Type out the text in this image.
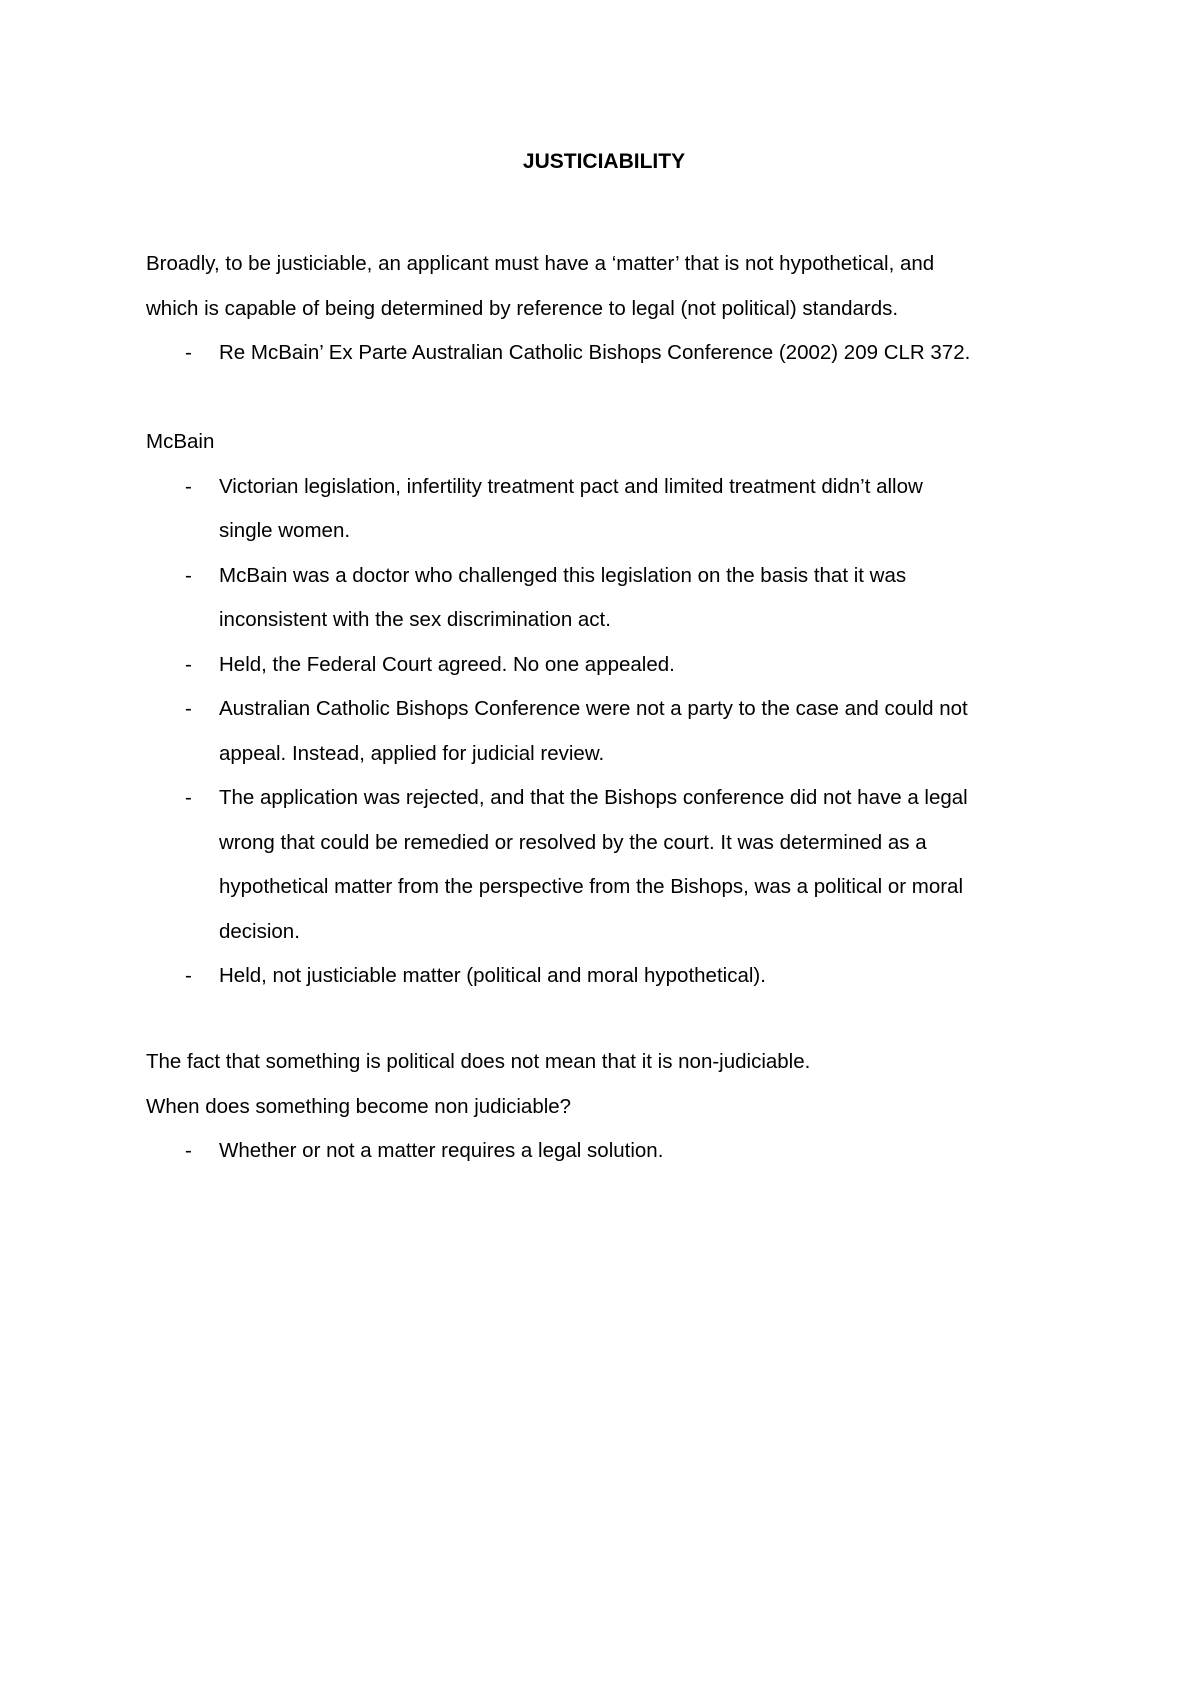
JUSTICIABILITY

Broadly, to be justiciable, an applicant must have a ‘matter’ that is not hypothetical, and

which is capable of being determined by reference to legal (not political) standards.

- Re McBain’ Ex Parte Australian Catholic Bishops Conference (2002) 209 CLR 372.

McBain

- Victorian legislation, infertility treatment pact and limited treatment didn’t allow
single women.
- McBain was a doctor who challenged this legislation on the basis that it was
inconsistent with the sex discrimination act.
- Held, the Federal Court agreed. No one appealed.
- Australian Catholic Bishops Conference were not a party to the case and could not
appeal. Instead, applied for judicial review.
- The application was rejected, and that the Bishops conference did not have a legal
wrong that could be remedied or resolved by the court. It was determined as a
hypothetical matter from the perspective from the Bishops, was a political or moral
decision.
- Held, not justiciable matter (political and moral hypothetical).

The fact that something is political does not mean that it is non-judiciable.

When does something become non judiciable?

- Whether or not a matter requires a legal solution.
